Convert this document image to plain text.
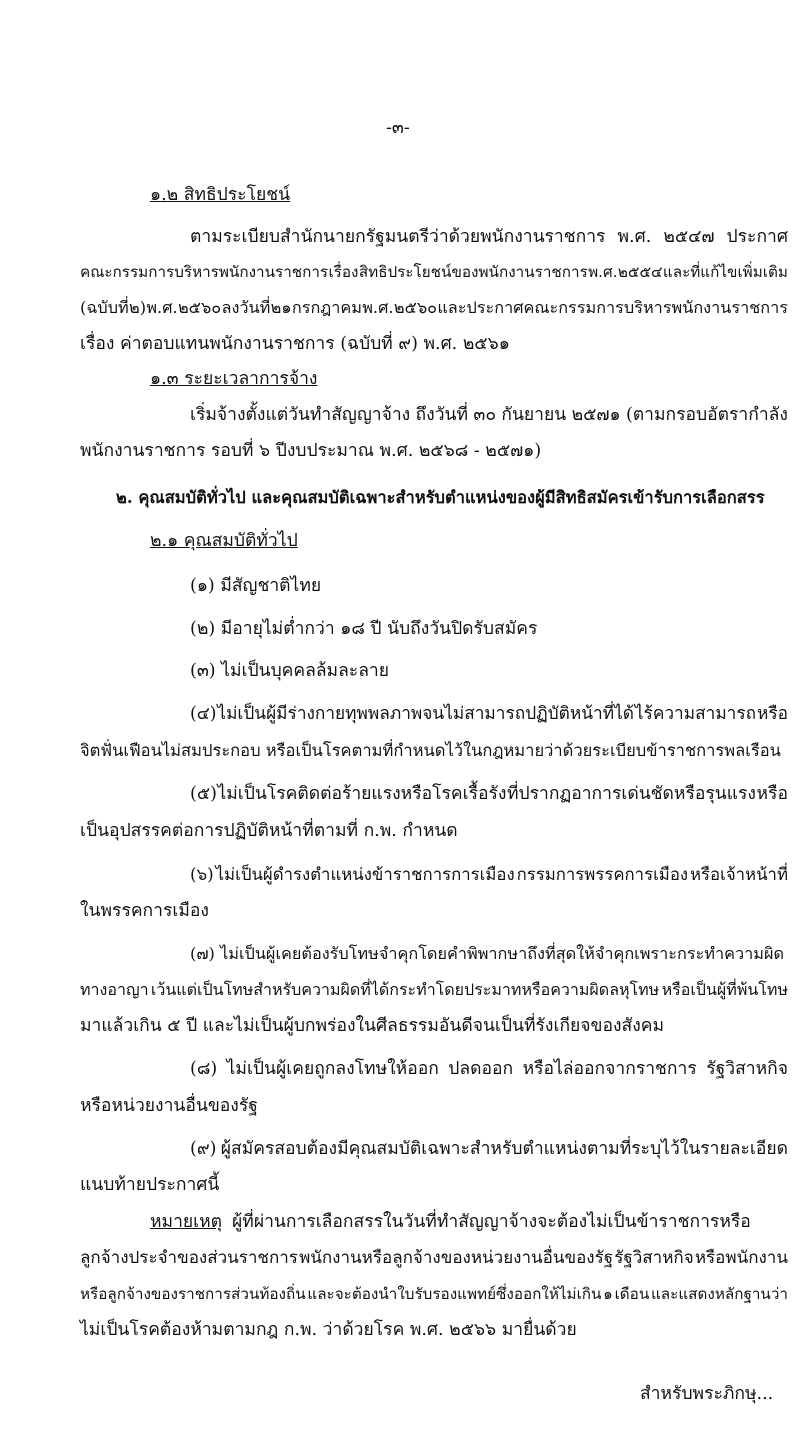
-๓-
๑.๒ สิทธิประโยชน์
ตามระเบียบสำนักนายกรัฐมนตรีว่าด้วยพนักงานราชการ พ.ศ. ๒๕๔๗ ประกาศ
คณะกรรมการบริหารพนักงานราชการ เรื่อง สิทธิประโยชน์ของพนักงานราชการ พ.ศ. ๒๕๕๔ และที่แก้ไขเพิ่มเติม
(ฉบับที่ ๒) พ.ศ. ๒๕๖๐ ลงวันที่ ๒๑ กรกฎาคม พ.ศ. ๒๕๖๐ และประกาศคณะกรรมการบริหารพนักงานราชการ
เรื่อง ค่าตอบแทนพนักงานราชการ (ฉบับที่ ๙) พ.ศ. ๒๕๖๑
๑.๓ ระยะเวลาการจ้าง
เริ่มจ้างตั้งแต่วันทำสัญญาจ้าง ถึงวันที่ ๓๐ กันยายน ๒๕๗๑ (ตามกรอบอัตรากำลัง
พนักงานราชการ รอบที่ ๖ ปีงบประมาณ พ.ศ. ๒๕๖๘ - ๒๕๗๑)
๒. คุณสมบัติทั่วไป และคุณสมบัติเฉพาะสำหรับตำแหน่งของผู้มีสิทธิสมัครเข้ารับการเลือกสรร
๒.๑ คุณสมบัติทั่วไป
(๑) มีสัญชาติไทย
(๒) มีอายุไม่ต่ำกว่า ๑๘ ปี นับถึงวันปิดรับสมัคร
(๓) ไม่เป็นบุคคลล้มละลาย
(๔) ไม่เป็นผู้มีร่างกายทุพพลภาพจนไม่สามารถปฏิบัติหน้าที่ได้ ไร้ความสามารถ หรือ
จิตฟั่นเฟือนไม่สมประกอบ หรือเป็นโรคตามที่กำหนดไว้ในกฎหมายว่าด้วยระเบียบข้าราชการพลเรือน
(๕) ไม่เป็นโรคติดต่อร้ายแรงหรือโรคเรื้อรัง ที่ปรากฏอาการเด่นชัดหรือรุนแรง หรือ
เป็นอุปสรรคต่อการปฏิบัติหน้าที่ตามที่ ก.พ. กำหนด
(๖) ไม่เป็นผู้ดำรงตำแหน่งข้าราชการการเมือง กรรมการพรรคการเมือง หรือเจ้าหน้าที่
ในพรรคการเมือง
(๗) ไม่เป็นผู้เคยต้องรับโทษจำคุกโดยคำพิพากษาถึงที่สุดให้จำคุกเพราะกระทำความผิด
ทางอาญา เว้นแต่เป็นโทษสำหรับความผิดที่ได้กระทำโดยประมาทหรือความผิดลหุโทษ หรือเป็นผู้ที่พ้นโทษ
มาแล้วเกิน ๕ ปี และไม่เป็นผู้บกพร่องในศีลธรรมอันดีจนเป็นที่รังเกียจของสังคม
(๘) ไม่เป็นผู้เคยถูกลงโทษให้ออก ปลดออก หรือไล่ออกจากราชการ รัฐวิสาหกิจ
หรือหน่วยงานอื่นของรัฐ
(๙) ผู้สมัครสอบต้องมีคุณสมบัติเฉพาะสำหรับตำแหน่งตามที่ระบุไว้ในรายละเอียด
แนบท้ายประกาศนี้
หมายเหตุ ผู้ที่ผ่านการเลือกสรรในวันที่ทำสัญญาจ้างจะต้องไม่เป็นข้าราชการหรือ
ลูกจ้างประจำของส่วนราชการ พนักงานหรือลูกจ้างของหน่วยงานอื่นของรัฐ รัฐวิสาหกิจ หรือพนักงาน
หรือลูกจ้างของราชการส่วนท้องถิ่น และจะต้องนำใบรับรองแพทย์ซึ่งออกให้ไม่เกิน ๑ เดือน และแสดงหลักฐานว่า
ไม่เป็นโรคต้องห้ามตามกฎ ก.พ. ว่าด้วยโรค พ.ศ. ๒๕๖๖ มายื่นด้วย
สำหรับพระภิกษุ...
